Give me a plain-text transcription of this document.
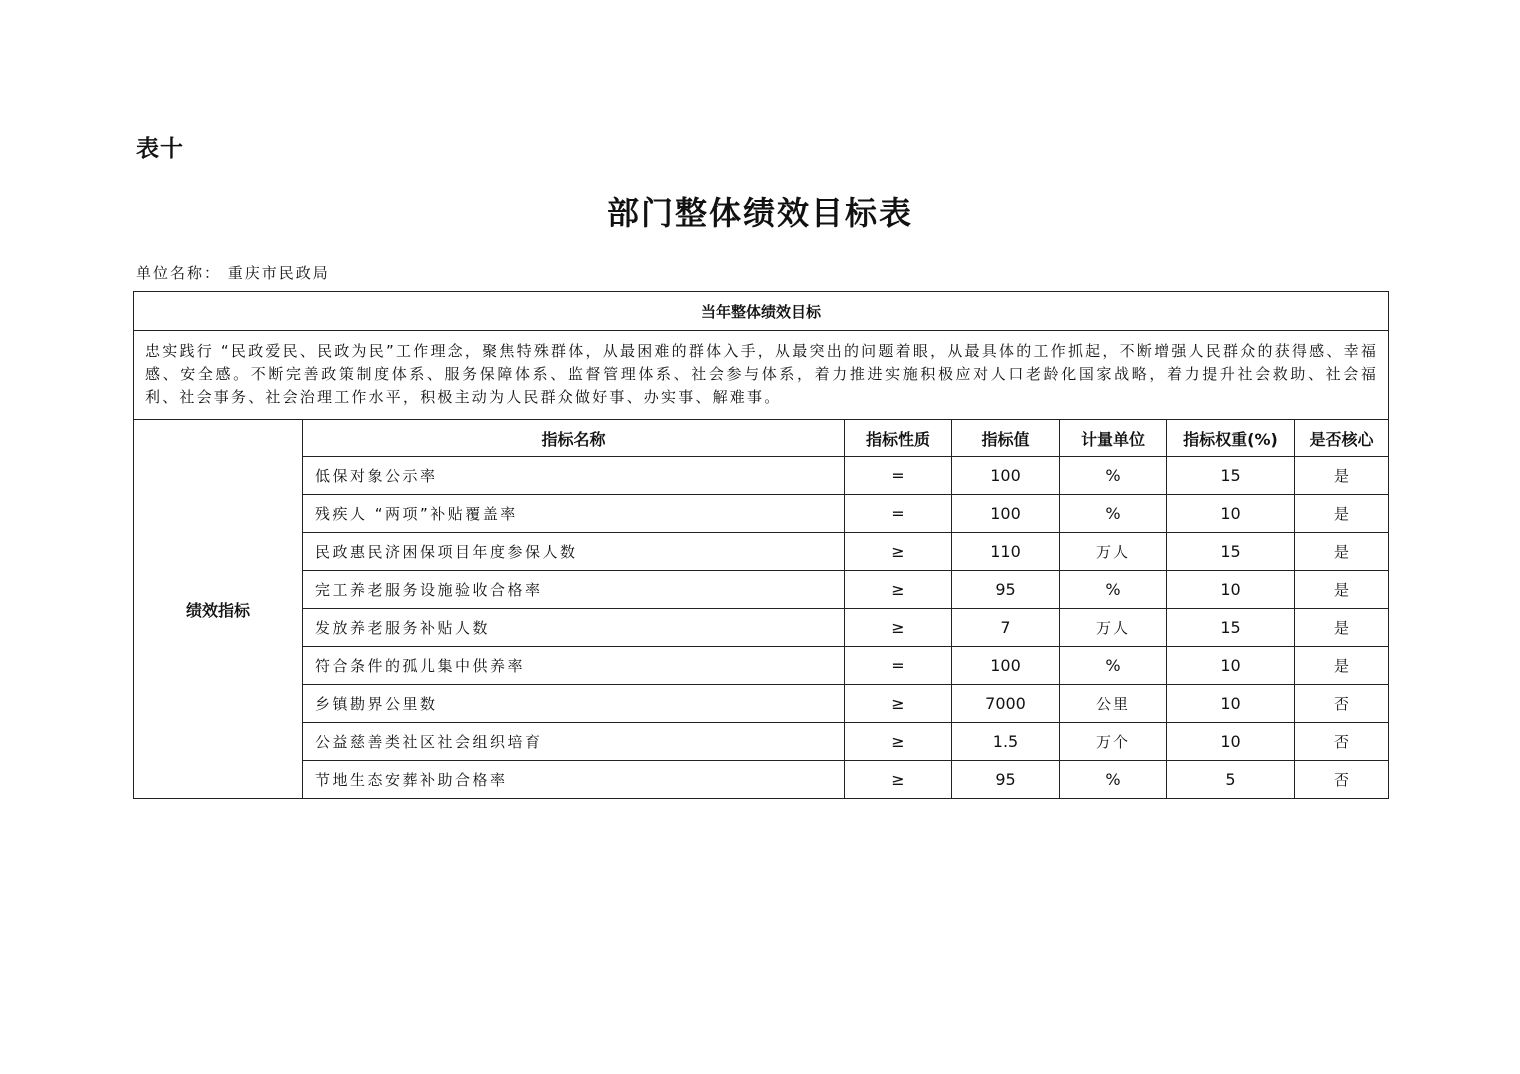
表十
部门整体绩效目标表
单位名称： 重庆市民政局
当年整体绩效目标						
忠实践行 “民政爱民、民政为民”工作理念，聚焦特殊群体，从最困难的群体入手，从最突出的问题着眼，从最具体的工作抓起，不断增强人民群众的获得感、幸福感、安全感。不断完善政策制度体系、服务保障体系、监督管理体系、社会参与体系，着力推进实施积极应对人口老龄化国家战略，着力提升社会救助、社会福利、社会事务、社会治理工作水平，积极主动为人民群众做好事、办实事、解难事。						
绩效指标	指标名称	指标性质	指标值	计量单位	指标权重(%)	是否核心
	低保对象公示率	=	100	%	15	是
	残疾人 “两项”补贴覆盖率	=	100	%	10	是
	民政惠民济困保项目年度参保人数	≥	110	万人	15	是
	完工养老服务设施验收合格率	≥	95	%	10	是
	发放养老服务补贴人数	≥	7	万人	15	是
	符合条件的孤儿集中供养率	=	100	%	10	是
	乡镇勘界公里数	≥	7000	公里	10	否
	公益慈善类社区社会组织培育	≥	1.5	万个	10	否
	节地生态安葬补助合格率	≥	95	%	5	否
